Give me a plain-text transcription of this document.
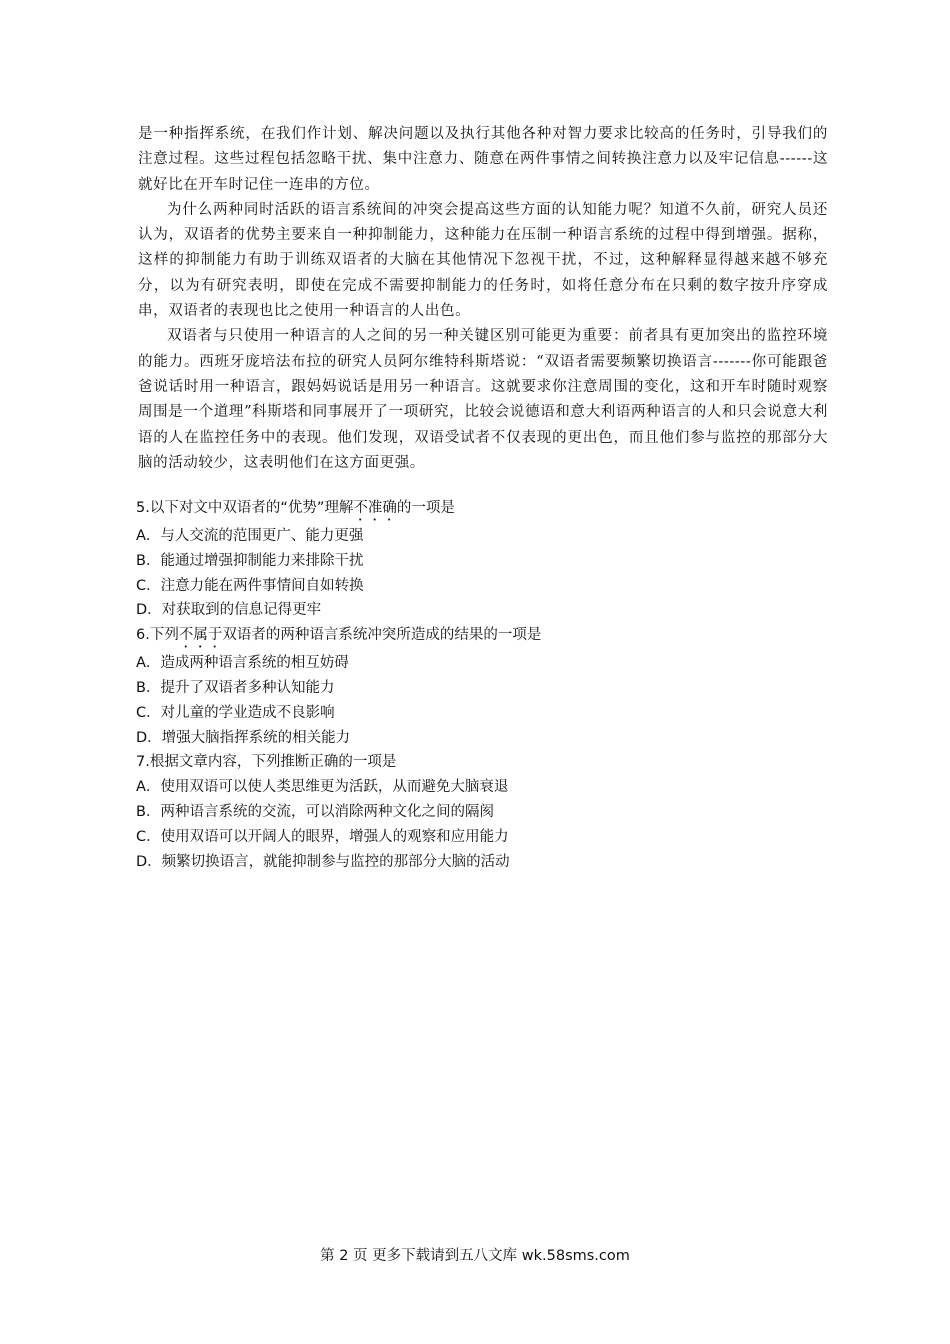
是一种指挥系统，在我们作计划、解决问题以及执行其他各种对智力要求比较高的任务时，引导我们的注意过程。这些过程包括忽略干扰、集中注意力、随意在两件事情之间转换注意力以及牢记信息------这就好比在开车时记住一连串的方位。

为什么两种同时活跃的语言系统间的冲突会提高这些方面的认知能力呢？知道不久前，研究人员还认为，双语者的优势主要来自一种抑制能力，这种能力在压制一种语言系统的过程中得到增强。据称，这样的抑制能力有助于训练双语者的大脑在其他情况下忽视干扰，不过，这种解释显得越来越不够充分，以为有研究表明，即使在完成不需要抑制能力的任务时，如将任意分布在只剩的数字按升序穿成串，双语者的表现也比之使用一种语言的人出色。

双语者与只使用一种语言的人之间的另一种关键区别可能更为重要：前者具有更加突出的监控环境的能力。西班牙庞培法布拉的研究人员阿尔维特科斯塔说：“双语者需要频繁切换语言-------你可能跟爸爸说话时用一种语言，跟妈妈说话是用另一种语言。这就要求你注意周围的变化，这和开车时随时观察周围是一个道理”科斯塔和同事展开了一项研究，比较会说德语和意大利语两种语言的人和只会说意大利语的人在监控任务中的表现。他们发现，双语受试者不仅表现的更出色，而且他们参与监控的那部分大脑的活动较少，这表明他们在这方面更强。

5.以下对文中双语者的“优势”理解不准确的一项是
A．与人交流的范围更广、能力更强
B．能通过增强抑制能力来排除干扰
C．注意力能在两件事情间自如转换
D．对获取到的信息记得更牢
6.下列不属于双语者的两种语言系统冲突所造成的结果的一项是
A．造成两种语言系统的相互妨碍
B．提升了双语者多种认知能力
C．对儿童的学业造成不良影响
D．增强大脑指挥系统的相关能力
7.根据文章内容，下列推断正确的一项是
A．使用双语可以使人类思维更为活跃，从而避免大脑衰退
B．两种语言系统的交流，可以消除两种文化之间的隔阂
C．使用双语可以开阔人的眼界，增强人的观察和应用能力
D．频繁切换语言，就能抑制参与监控的那部分大脑的活动
第 2 页 更多下载请到五八文库 wk.58sms.com
